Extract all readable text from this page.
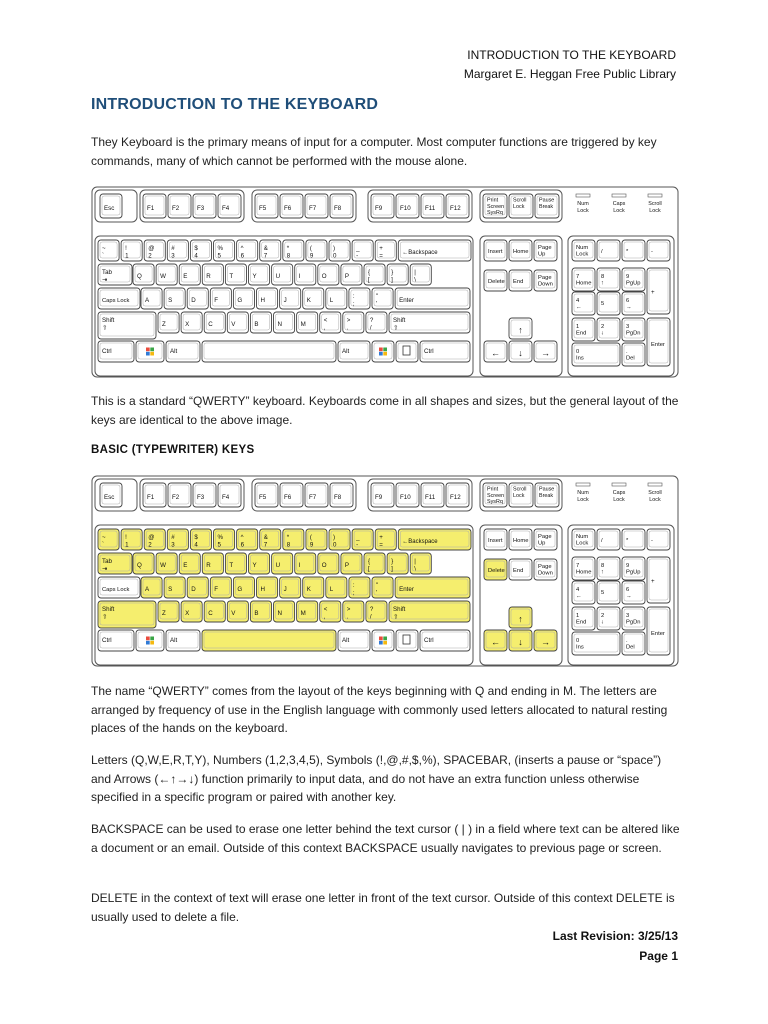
INTRODUCTION TO THE KEYBOARD
Margaret E. Heggan Free Public Library
INTRODUCTION TO THE KEYBOARD

They Keyboard is the primary means of input for a computer. Most computer functions are triggered by key commands, many of which cannot be performed with the mouse alone.

Esc	F1	F2	F3	F4	F5	F6	F7	F8	F9	F10 F11 F12
Print
Screen
SysRq
Scroll
Lock
Pause
Break	Num
Lock
Caps
Lock
Scroll
Lock
~
`
!
1
@
2
#
3
$
4
%
5
^
6
&
7
*
8
(
9
)
0
_
-
+
=	←Backspace
Tab
⇥	Q	W	E	R	T	Y	U	I	O	P
{
[
}
]
|
\
Caps Lock	A	S	D	F	G	H	J	K	L
:
;
"
'	Enter
Shift
⇧	Z	X	C	V	B	N	M
<
,
>
.
?
/
Shift
⇧
Ctrl	Alt	Alt	Ctrl
Insert Home
Page
Up
Delete End
Page
Down
↑
← ↓ →
Num
Lock /	*	-
7
Home
8
↑
9
PgUp
+
4
←
5	6
→
1
End
2
↓
3
PgDn
Enter
0
Ins
.
Del

This is a standard “QWERTY” keyboard. Keyboards come in all shapes and sizes, but the general layout of the keys are identical to the above image.

BASIC (TYPEWRITER) KEYS
Esc	F1	F2	F3	F4	F5	F6	F7	F8	F9	F10 F11 F12
Print
Screen
SysRq
Scroll
Lock
Pause
Break	Num
Lock
Caps
Lock
Scroll
Lock
~
`
!
1
@
2
#
3
$
4
%
5
^
6
&
7
*
8
(
9
)
0
_
-
+
=	←Backspace
Tab
⇥	Q	W	E	R	T	Y	U	I	O	P
{
[
}
]
|
\
Caps Lock	A	S	D	F	G	H	J	K	L
:
;
"
'	Enter
Shift
⇧	Z	X	C	V	B	N	M
<
,
>
.
?
/
Shift
⇧
Ctrl	Alt	Alt	Ctrl
Insert Home
Page
Up
Delete End
Page
Down
↑
← ↓ →
Num
Lock /	*	-
7
Home
8
↑
9
PgUp
+
4
←
5	6
→
1
End
2
↓
3
PgDn
Enter
0
Ins
.
Del

The name “QWERTY” comes from the layout of the keys beginning with Q and ending in M. The letters are arranged by frequency of use in the English language with commonly used letters allocated to natural resting places of the hands on the keyboard.

Letters (Q,W,E,R,T,Y), Numbers (1,2,3,4,5), Symbols (!,@,#,$,%), SPACEBAR, (inserts a pause or “space”) and Arrows (←↑→↓) function primarily to input data, and do not have an extra function unless otherwise specified in a specific program or paired with another key.

BACKSPACE can be used to erase one letter behind the text cursor ( | ) in a field where text can be altered like a document or an email. Outside of this context BACKSPACE usually navigates to previous page or screen.

DELETE in the context of text will erase one letter in front of the text cursor. Outside of this context DELETE is usually used to delete a file.

Last Revision: 3/25/13
Page 1
